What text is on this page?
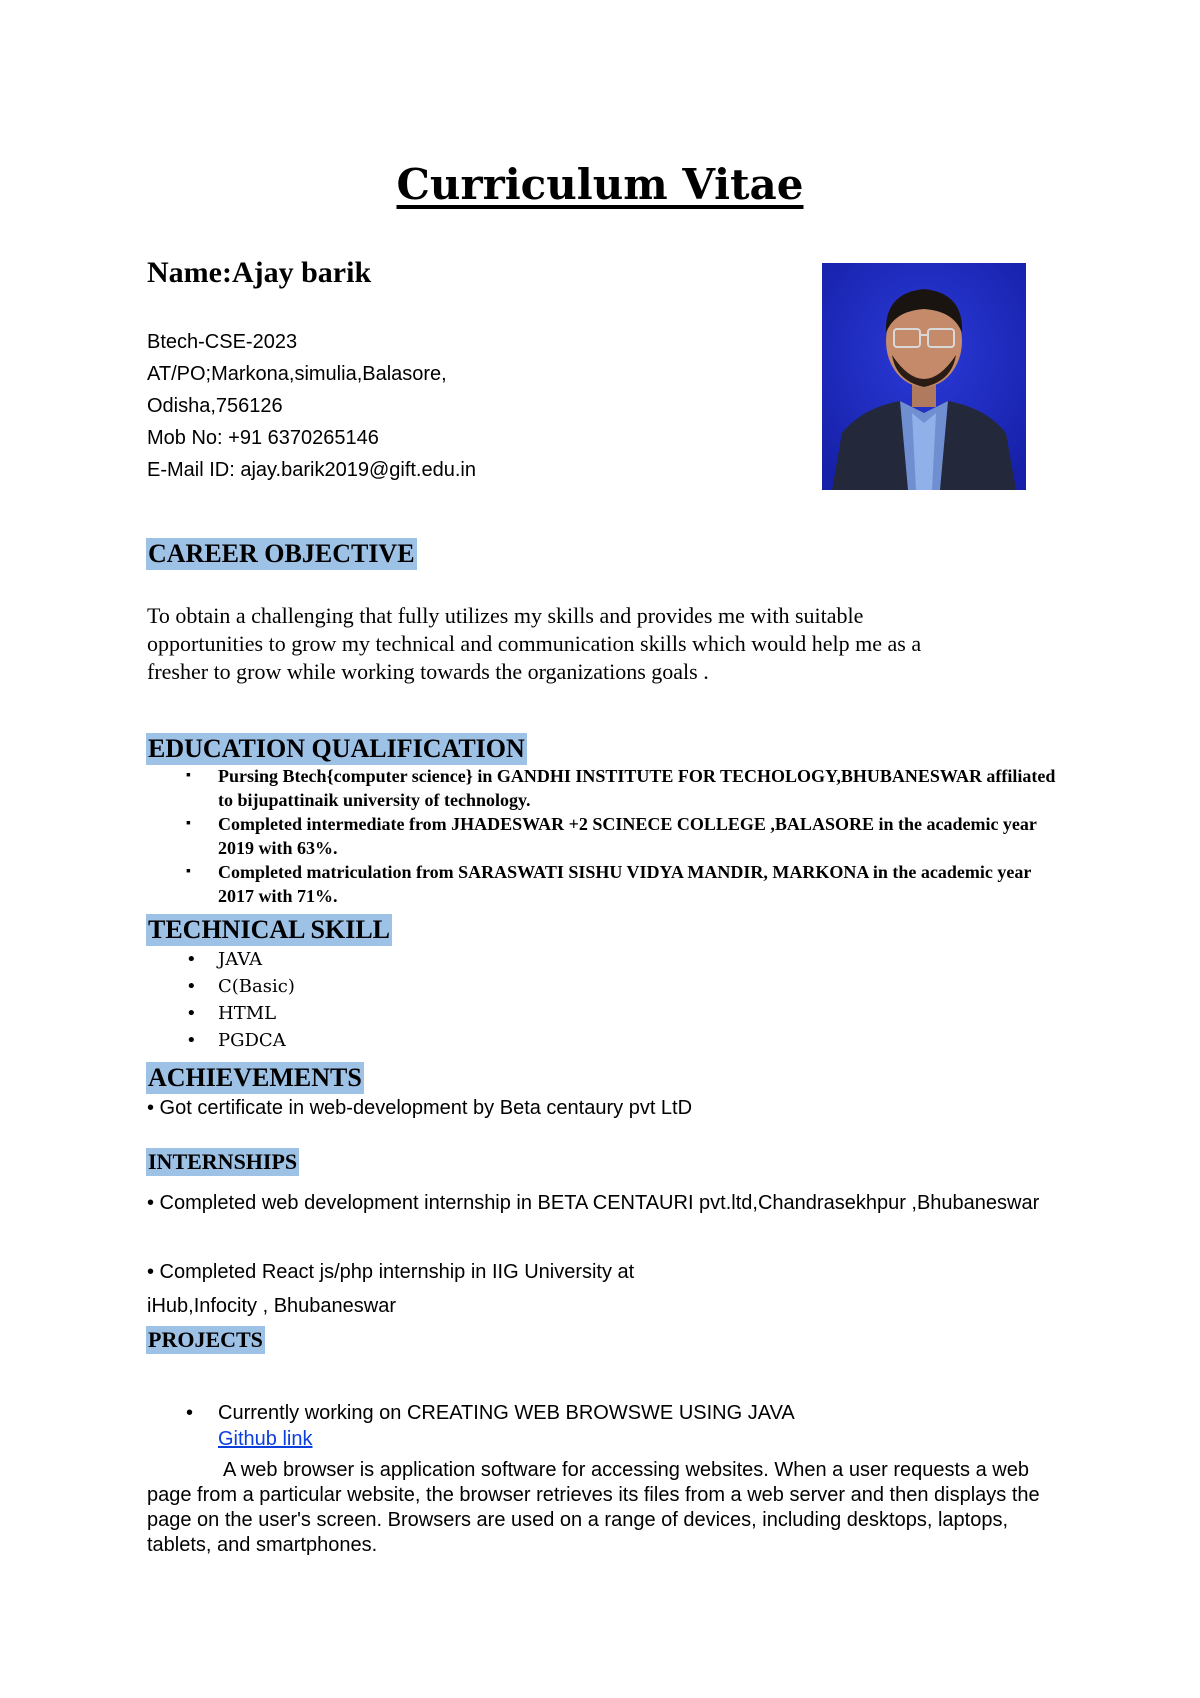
Curriculum Vitae
Name:Ajay barik
Btech-CSE-2023
AT/PO;Markona,simulia,Balasore,
Odisha,756126
Mob No: +91 6370265146
E-Mail ID: ajay.barik2019@gift.edu.in
CAREER OBJECTIVE
To obtain a challenging that fully utilizes my skills and provides me with suitable
opportunities to grow my technical and communication skills which would help me as a
fresher to grow while working towards the organizations goals .
EDUCATION QUALIFICATION
▪ Pursing Btech{computer science} in GANDHI INSTITUTE FOR TECHOLOGY,BHUBANESWAR affiliated to bijupattinaik university of technology.
▪ Completed intermediate from JHADESWAR +2 SCINECE COLLEGE ,BALASORE in the academic year 2019 with 63%.
▪ Completed matriculation from SARASWATI SISHU VIDYA MANDIR, MARKONA in the academic year 2017 with 71%.
TECHNICAL SKILL
• JAVA
• C(Basic)
• HTML
• PGDCA
ACHIEVEMENTS
• Got certificate in web-development by Beta centaury pvt LtD
INTERNSHIPS
• Completed web development internship in BETA CENTAURI pvt.ltd,Chandrasekhpur ,Bhubaneswar
• Completed React js/php internship in IIG University at
iHub,Infocity , Bhubaneswar
PROJECTS
•	Currently working on CREATING WEB BROWSWE USING JAVA
Github link
A web browser is application software for accessing websites. When a user requests a web page from a particular website, the browser retrieves its files from a web server and then displays the page on the user's screen. Browsers are used on a range of devices, including desktops, laptops, tablets, and smartphones.
